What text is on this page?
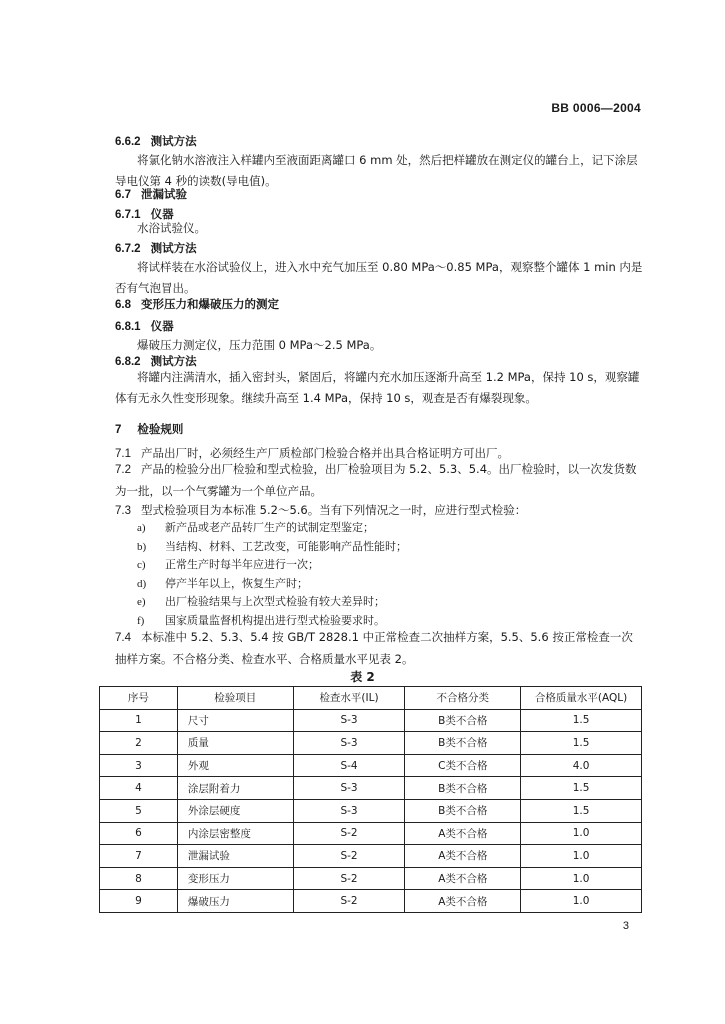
BB 0006—2004
6.6.2 测试方法
将氯化钠水溶液注入样罐内至液面距离罐口 6 mm 处，然后把样罐放在测定仪的罐台上，记下涂层导电仪第 4 秒的读数(导电值)。
6.7 泄漏试验
6.7.1 仪器
水浴试验仪。
6.7.2 测试方法
将试样装在水浴试验仪上，进入水中充气加压至 0.80 MPa～0.85 MPa，观察整个罐体 1 min 内是否有气泡冒出。
6.8 变形压力和爆破压力的测定
6.8.1 仪器
爆破压力测定仪，压力范围 0 MPa～2.5 MPa。
6.8.2 测试方法
将罐内注满清水，插入密封头，紧固后，将罐内充水加压逐渐升高至 1.2 MPa，保持 10 s，观察罐体有无永久性变形现象。继续升高至 1.4 MPa，保持 10 s，观查是否有爆裂现象。
7 检验规则
7.1 产品出厂时，必须经生产厂质检部门检验合格并出具合格证明方可出厂。
7.2 产品的检验分出厂检验和型式检验，出厂检验项目为 5.2、5.3、5.4。出厂检验时，以一次发货数为一批，以一个气雾罐为一个单位产品。
7.3 型式检验项目为本标准 5.2～5.6。当有下列情况之一时，应进行型式检验：
a) 新产品或老产品转厂生产的试制定型鉴定；
b) 当结构、材料、工艺改变，可能影响产品性能时；
c) 正常生产时每半年应进行一次；
d) 停产半年以上，恢复生产时；
e) 出厂检验结果与上次型式检验有较大差异时；
f) 国家质量监督机构提出进行型式检验要求时。
7.4 本标准中 5.2、5.3、5.4 按 GB/T 2828.1 中正常检查二次抽样方案，5.5、5.6 按正常检查一次抽样方案。不合格分类、检查水平、合格质量水平见表 2。
表 2
序号	检验项目	检查水平(IL)	不合格分类	合格质量水平(AQL)
1	尺寸	S-3	B类不合格	1.5
2	质量	S-3	B类不合格	1.5
3	外观	S-4	C类不合格	4.0
4	涂层附着力	S-3	B类不合格	1.5
5	外涂层硬度	S-3	B类不合格	1.5
6	内涂层密整度	S-2	A类不合格	1.0
7	泄漏试验	S-2	A类不合格	1.0
8	变形压力	S-2	A类不合格	1.0
9	爆破压力	S-2	A类不合格	1.0
3
